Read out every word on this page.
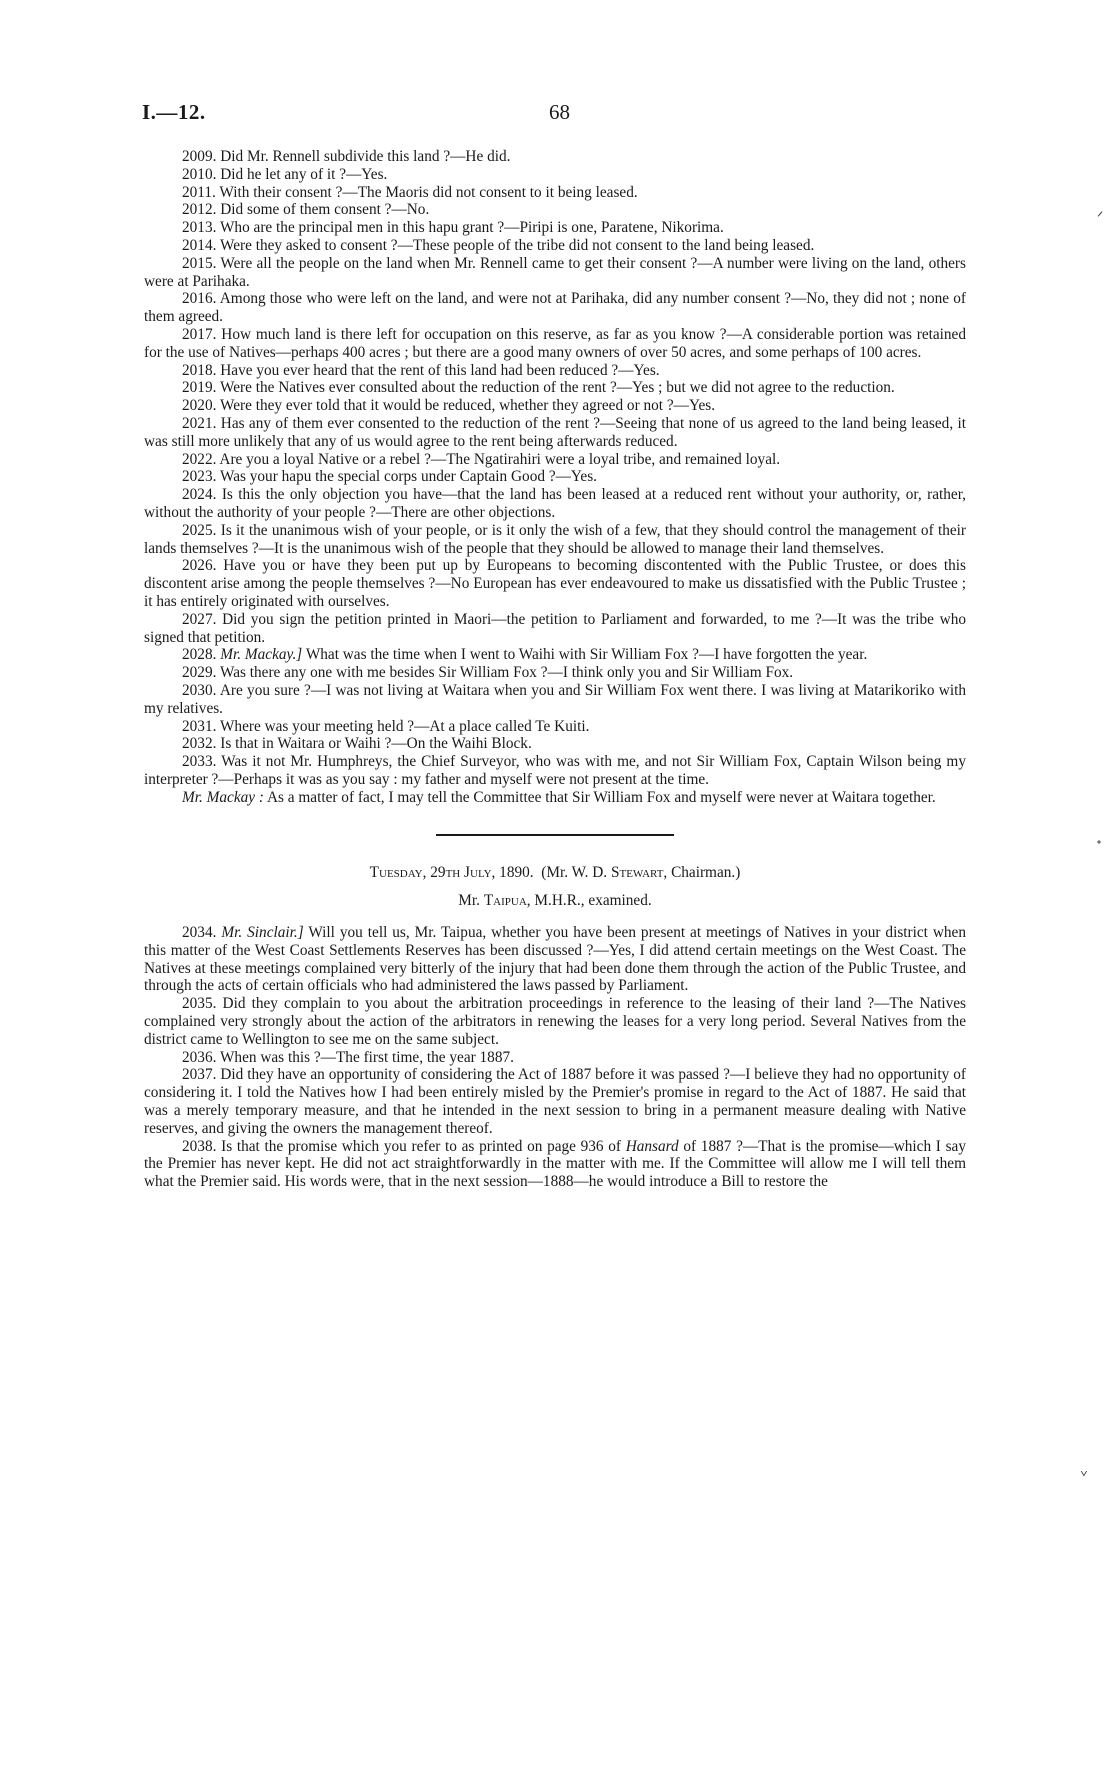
I.—12.	68

2009. Did Mr. Rennell subdivide this land ?—He did.

2010. Did he let any of it ?—Yes.

2011. With their consent ?—The Maoris did not consent to it being leased.

2012. Did some of them consent ?—No.

2013. Who are the principal men in this hapu grant ?—Piripi is one, Paratene, Nikorima.

2014. Were they asked to consent ?—These people of the tribe did not consent to the land being leased.

2015. Were all the people on the land when Mr. Rennell came to get their consent ?—A number were living on the land, others were at Parihaka.

2016. Among those who were left on the land, and were not at Parihaka, did any number consent ?—No, they did not ; none of them agreed.

2017. How much land is there left for occupation on this reserve, as far as you know ?—A considerable portion was retained for the use of Natives—perhaps 400 acres ; but there are a good many owners of over 50 acres, and some perhaps of 100 acres.

2018. Have you ever heard that the rent of this land had been reduced ?—Yes.

2019. Were the Natives ever consulted about the reduction of the rent ?—Yes ; but we did not agree to the reduction.

2020. Were they ever told that it would be reduced, whether they agreed or not ?—Yes.

2021. Has any of them ever consented to the reduction of the rent ?—Seeing that none of us agreed to the land being leased, it was still more unlikely that any of us would agree to the rent being afterwards reduced.

2022. Are you a loyal Native or a rebel ?—The Ngatirahiri were a loyal tribe, and remained loyal.

2023. Was your hapu the special corps under Captain Good ?—Yes.

2024. Is this the only objection you have—that the land has been leased at a reduced rent without your authority, or, rather, without the authority of your people ?—There are other objections.

2025. Is it the unanimous wish of your people, or is it only the wish of a few, that they should control the management of their lands themselves ?—It is the unanimous wish of the people that they should be allowed to manage their land themselves.

2026. Have you or have they been put up by Europeans to becoming discontented with the Public Trustee, or does this discontent arise among the people themselves ?—No European has ever endeavoured to make us dissatisfied with the Public Trustee ; it has entirely originated with ourselves.

2027. Did you sign the petition printed in Maori—the petition to Parliament and forwarded, to me ?—It was the tribe who signed that petition.

2028. Mr. Mackay.] What was the time when I went to Waihi with Sir William Fox ?—I have forgotten the year.

2029. Was there any one with me besides Sir William Fox ?—I think only you and Sir William Fox.

2030. Are you sure ?—I was not living at Waitara when you and Sir William Fox went there. I was living at Matarikoriko with my relatives.

2031. Where was your meeting held ?—At a place called Te Kuiti.

2032. Is that in Waitara or Waihi ?—On the Waihi Block.

2033. Was it not Mr. Humphreys, the Chief Surveyor, who was with me, and not Sir William Fox, Captain Wilson being my interpreter ?—Perhaps it was as you say : my father and myself were not present at the time.

Mr. Mackay : As a matter of fact, I may tell the Committee that Sir William Fox and myself were never at Waitara together.

Tuesday, 29th July, 1890. (Mr. W. D. Stewart, Chairman.)

Mr. Taipua, M.H.R., examined.

2034. Mr. Sinclair.] Will you tell us, Mr. Taipua, whether you have been present at meetings of Natives in your district when this matter of the West Coast Settlements Reserves has been discussed ?—Yes, I did attend certain meetings on the West Coast. The Natives at these meetings complained very bitterly of the injury that had been done them through the action of the Public Trustee, and through the acts of certain officials who had administered the laws passed by Parliament.

2035. Did they complain to you about the arbitration proceedings in reference to the leasing of their land ?—The Natives complained very strongly about the action of the arbitrators in renewing the leases for a very long period. Several Natives from the district came to Wellington to see me on the same subject.

2036. When was this ?—The first time, the year 1887.

2037. Did they have an opportunity of considering the Act of 1887 before it was passed ?—I believe they had no opportunity of considering it. I told the Natives how I had been entirely misled by the Premier's promise in regard to the Act of 1887. He said that was a merely temporary measure, and that he intended in the next session to bring in a permanent measure dealing with Native reserves, and giving the owners the management thereof.

2038. Is that the promise which you refer to as printed on page 936 of Hansard of 1887 ?—That is the promise—which I say the Premier has never kept. He did not act straightforwardly in the matter with me. If the Committee will allow me I will tell them what the Premier said. His words were, that in the next session—1888—he would introduce a Bill to restore the

ᐟ
ᐩ
ᘁ
